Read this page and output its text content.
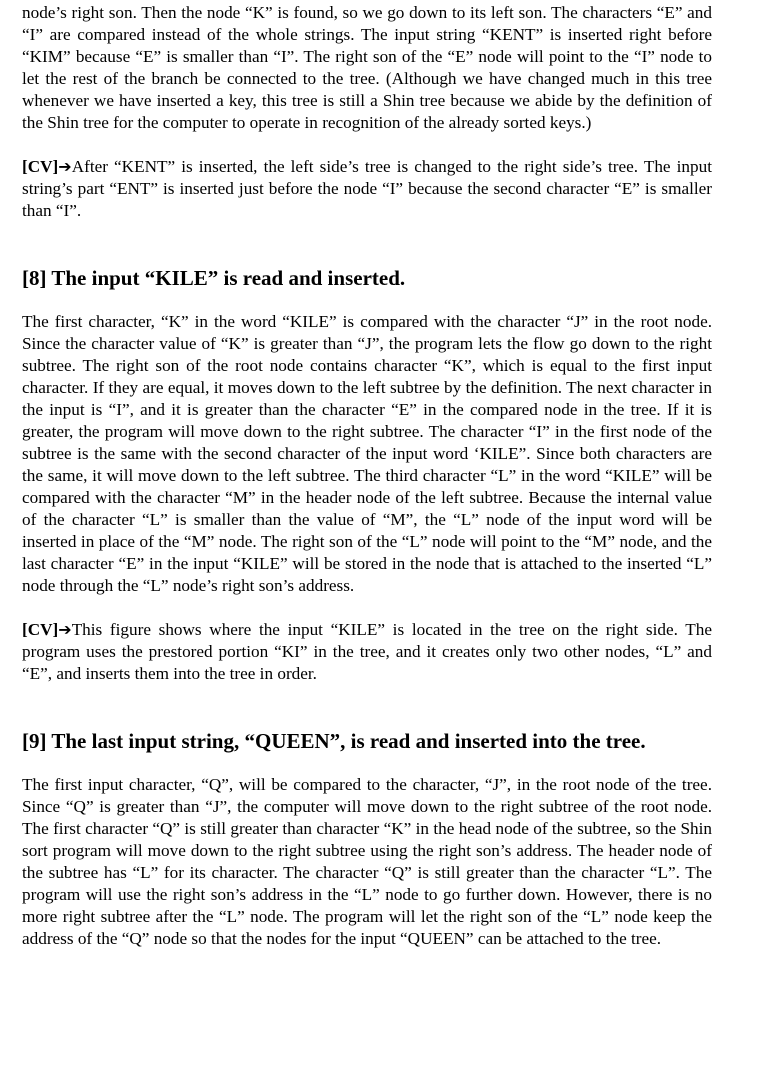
node’s right son. Then the node “K” is found, so we go down to its left son. The characters “E” and “I” are compared instead of the whole strings. The input string “KENT” is inserted right before “KIM” because “E” is smaller than “I”. The right son of the “E” node will point to the “I” node to let the rest of the branch be connected to the tree. (Although we have changed much in this tree whenever we have inserted a key, this tree is still a Shin tree because we abide by the definition of the Shin tree for the computer to operate in recognition of the already sorted keys.)

[CV]➔After “KENT” is inserted, the left side’s tree is changed to the right side’s tree. The input string’s part “ENT” is inserted just before the node “I” because the second character “E” is smaller than “I”.

[8] The input “KILE” is read and inserted.

The first character, “K” in the word “KILE” is compared with the character “J” in the root node. Since the character value of “K” is greater than “J”, the program lets the flow go down to the right subtree. The right son of the root node contains character “K”, which is equal to the first input character. If they are equal, it moves down to the left subtree by the definition. The next character in the input is “I”, and it is greater than the character “E” in the compared node in the tree. If it is greater, the program will move down to the right subtree. The character “I” in the first node of the subtree is the same with the second character of the input word ‘KILE”. Since both characters are the same, it will move down to the left subtree. The third character “L” in the word “KILE” will be compared with the character “M” in the header node of the left subtree. Because the internal value of the character “L” is smaller than the value of “M”, the “L” node of the input word will be inserted in place of the “M” node. The right son of the “L” node will point to the “M” node, and the last character “E” in the input “KILE” will be stored in the node that is attached to the inserted “L” node through the “L” node’s right son’s address.

[CV]➔This figure shows where the input “KILE” is located in the tree on the right side. The program uses the prestored portion “KI” in the tree, and it creates only two other nodes, “L” and “E”, and inserts them into the tree in order.

[9] The last input string, “QUEEN”, is read and inserted into the tree.

The first input character, “Q”, will be compared to the character, “J”, in the root node of the tree. Since “Q” is greater than “J”, the computer will move down to the right subtree of the root node. The first character “Q” is still greater than character “K” in the head node of the subtree, so the Shin sort program will move down to the right subtree using the right son’s address. The header node of the subtree has “L” for its character. The character “Q” is still greater than the character “L”. The program will use the right son’s address in the “L” node to go further down. However, there is no more right subtree after the “L” node. The program will let the right son of the “L” node keep the address of the “Q” node so that the nodes for the input “QUEEN” can be attached to the tree.
